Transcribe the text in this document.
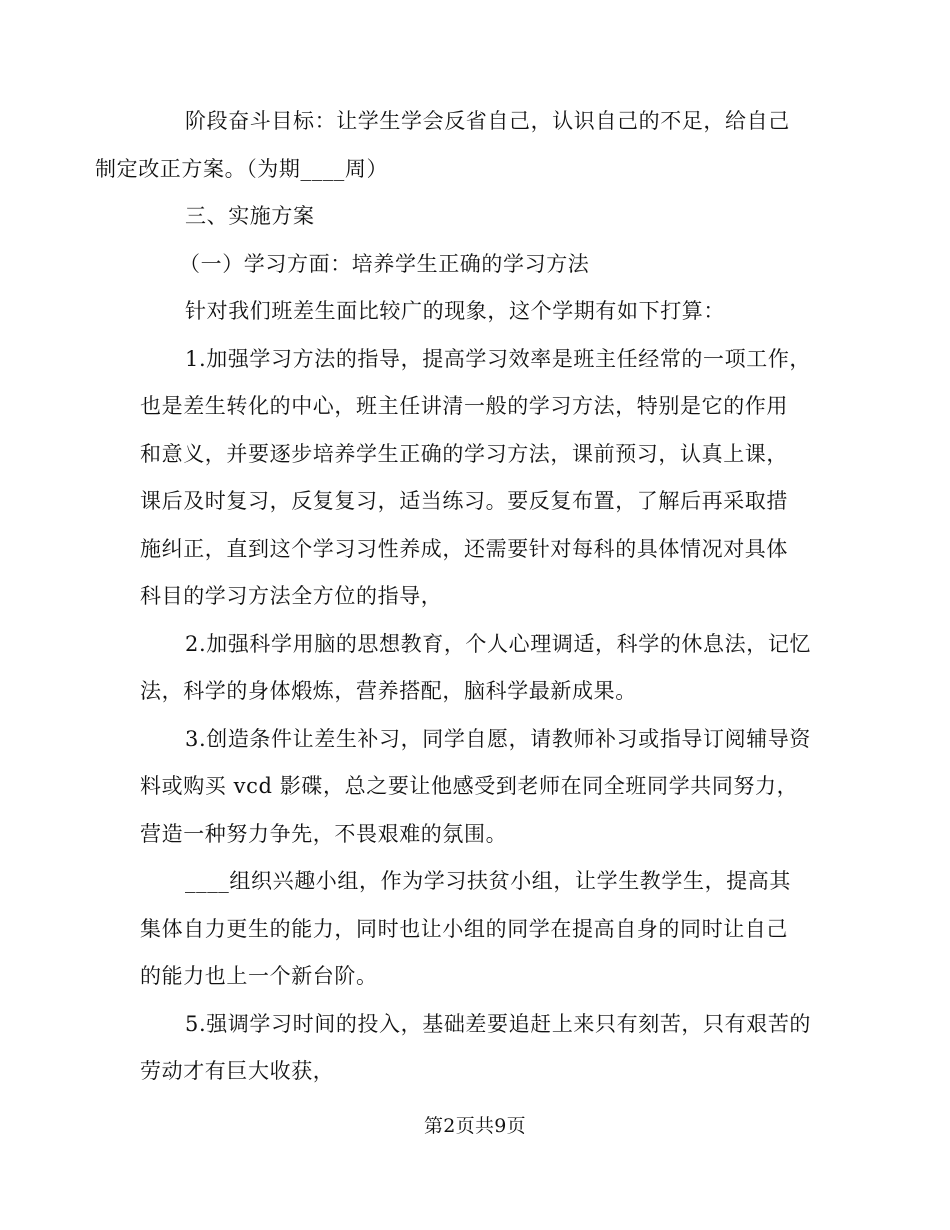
阶段奋斗目标：让学生学会反省自己，认识自己的不足，给自己
制定改正方案。（为期____周）

三、实施方案

（一）学习方面：培养学生正确的学习方法

针对我们班差生面比较广的现象，这个学期有如下打算：

1.加强学习方法的指导，提高学习效率是班主任经常的一项工作，
也是差生转化的中心，班主任讲清一般的学习方法，特别是它的作用
和意义，并要逐步培养学生正确的学习方法，课前预习，认真上课，
课后及时复习，反复复习，适当练习。要反复布置，了解后再采取措
施纠正，直到这个学习习性养成，还需要针对每科的具体情况对具体
科目的学习方法全方位的指导，

2.加强科学用脑的思想教育，个人心理调适，科学的休息法，记忆
法，科学的身体煅炼，营养搭配，脑科学最新成果。

3.创造条件让差生补习，同学自愿，请教师补习或指导订阅辅导资
料或购买 vcd 影碟，总之要让他感受到老师在同全班同学共同努力，
营造一种努力争先，不畏艰难的氛围。

____组织兴趣小组，作为学习扶贫小组，让学生教学生，提高其
集体自力更生的能力，同时也让小组的同学在提高自身的同时让自己
的能力也上一个新台阶。

5.强调学习时间的投入，基础差要追赶上来只有刻苦，只有艰苦的
劳动才有巨大收获，

第2页共9页
